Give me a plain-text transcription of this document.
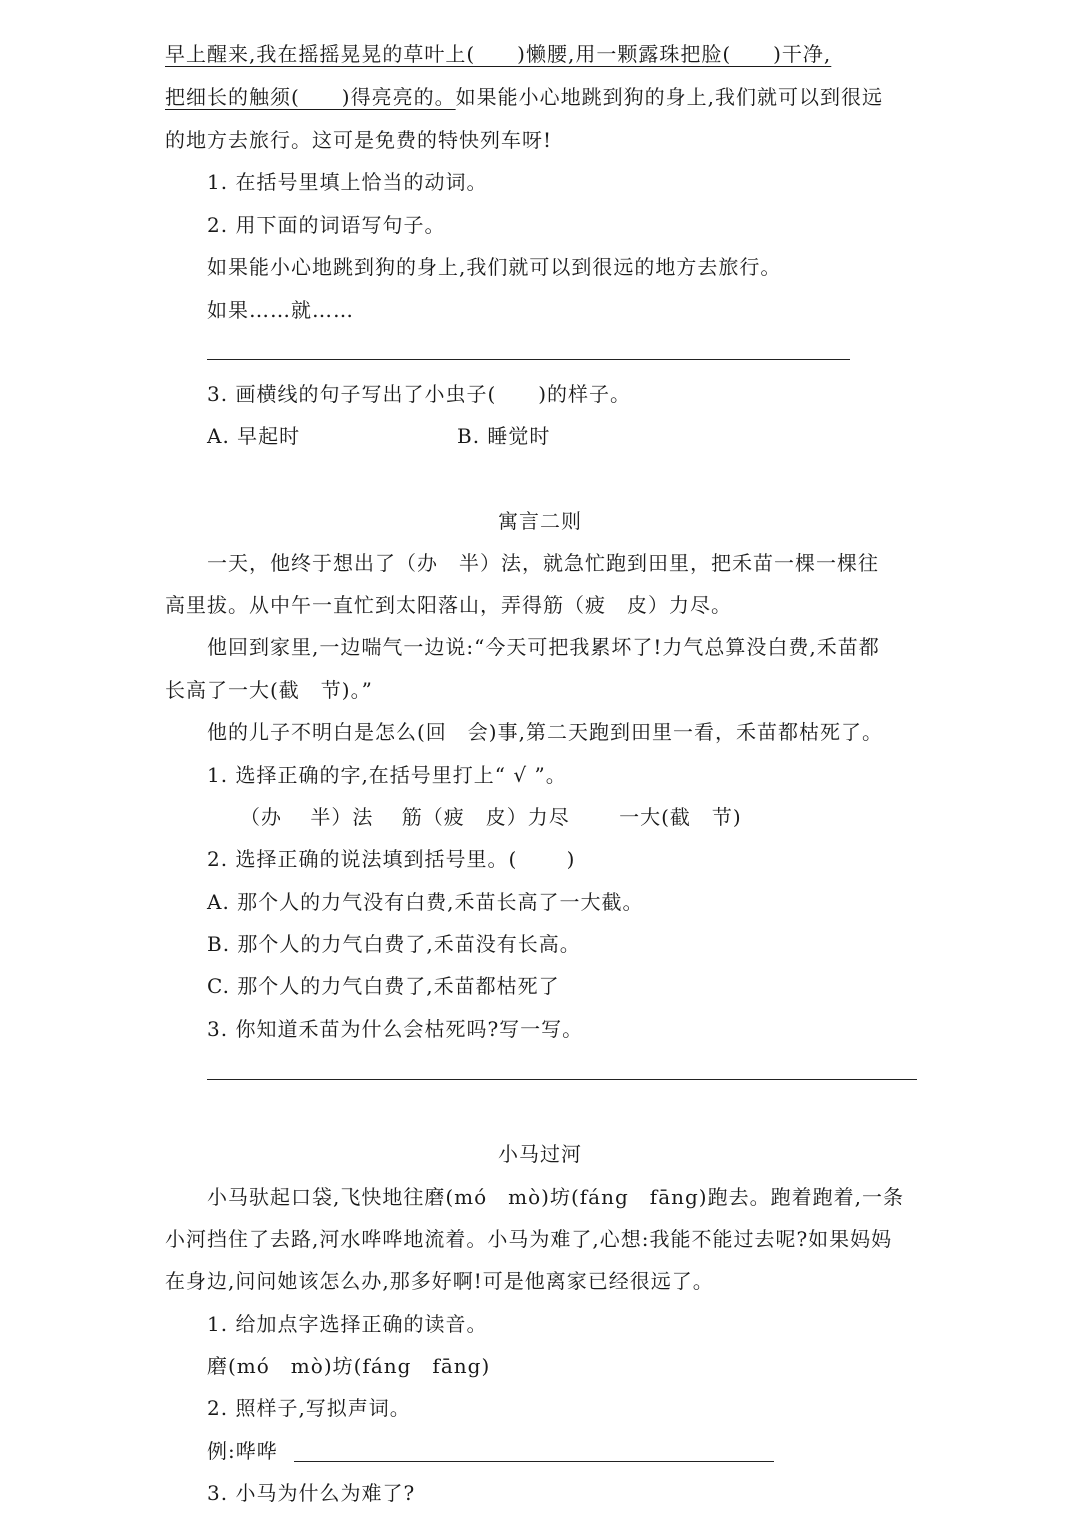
早上醒来,我在摇摇晃晃的草叶上(　　)懒腰,用一颗露珠把脸(　　)干净,
把细长的触须(　　)得亮亮的。如果能小心地跳到狗的身上,我们就可以到很远
的地方去旅行。这可是免费的特快列车呀!
1. 在括号里填上恰当的动词。
2. 用下面的词语写句子。
如果能小心地跳到狗的身上,我们就可以到很远的地方去旅行。
如果……就……
3. 画横线的句子写出了小虫子(　　)的样子。
A. 早起时	B. 睡觉时
寓言二则
一天，他终于想出了（办　半）法，就急忙跑到田里，把禾苗一棵一棵往
高里拔。从中午一直忙到太阳落山，弄得筋（疲　皮）力尽。
他回到家里,一边喘气一边说:“今天可把我累坏了!力气总算没白费,禾苗都
长高了一大(截　节)。”
他的儿子不明白是怎么(回　会)事,第二天跑到田里一看，禾苗都枯死了。
1. 选择正确的字,在括号里打上“ √ ”。
（办　 半）法　 筋（疲　皮）力尽　　 一大(截　节)
2. 选择正确的说法填到括号里。(　　 )
A. 那个人的力气没有白费,禾苗长高了一大截。
B. 那个人的力气白费了,禾苗没有长高。
C. 那个人的力气白费了,禾苗都枯死了
3. 你知道禾苗为什么会枯死吗?写一写。
小马过河
小马驮起口袋,飞快地往磨(mó　mò)坊(fáng　fāng)跑去。跑着跑着,一条
小河挡住了去路,河水哗哗地流着。小马为难了,心想:我能不能过去呢?如果妈妈
在身边,问问她该怎么办,那多好啊!可是他离家已经很远了。
1. 给加点字选择正确的读音。
磨(mó　mò)坊(fáng　fāng)
2. 照样子,写拟声词。
例:哗哗
3. 小马为什么为难了?
